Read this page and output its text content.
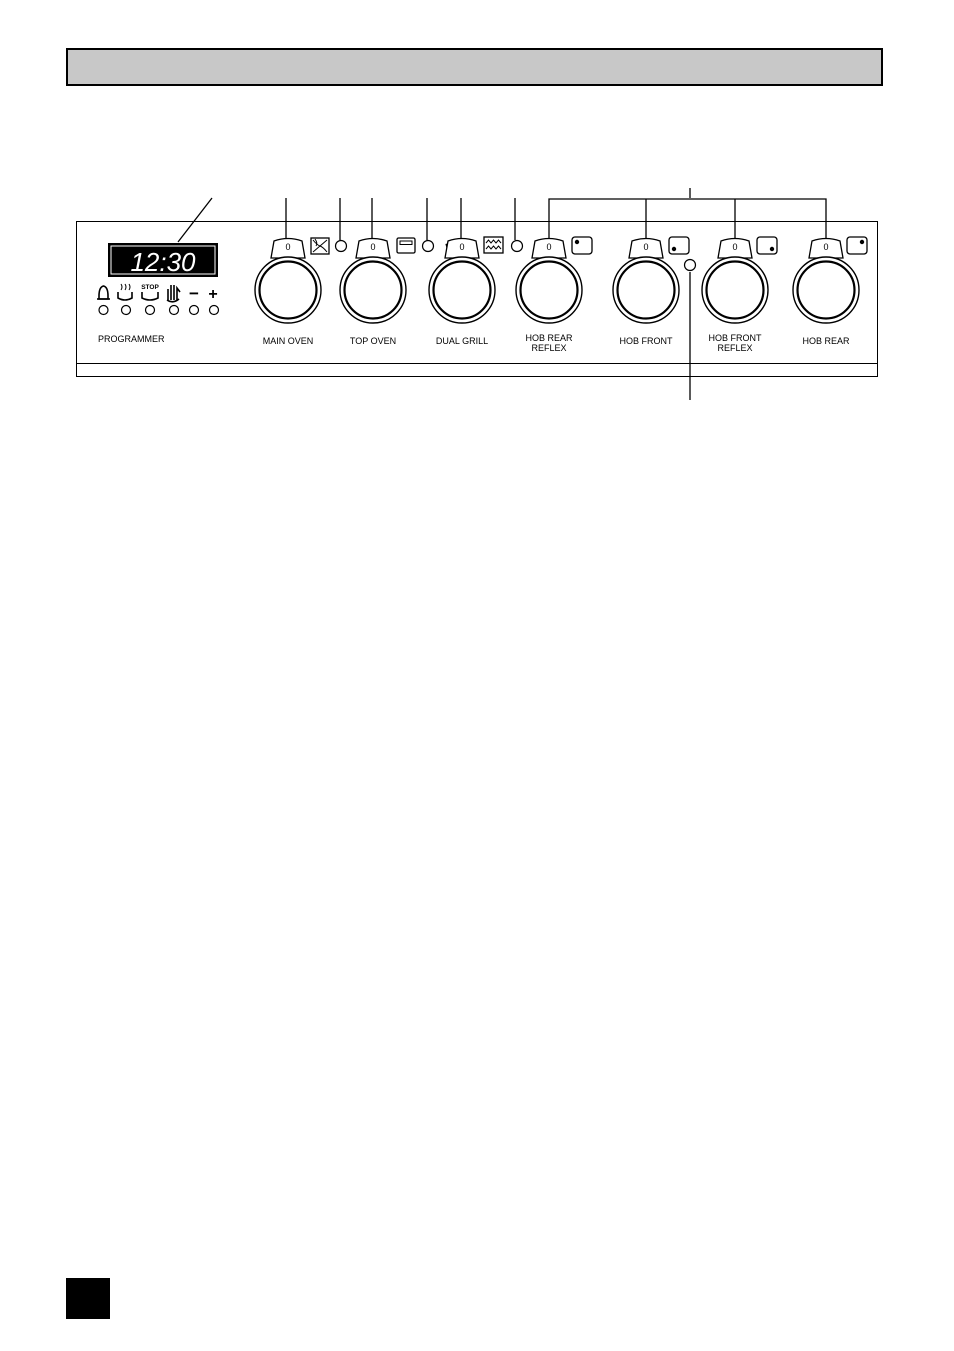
12:30
STOP − +
PROGRAMMER
0
MAIN OVEN
0
TOP OVEN
0
DUAL GRILL
0
HOB REAR
REFLEX
0
HOB FRONT
0
HOB FRONT
REFLEX
0
HOB REAR
